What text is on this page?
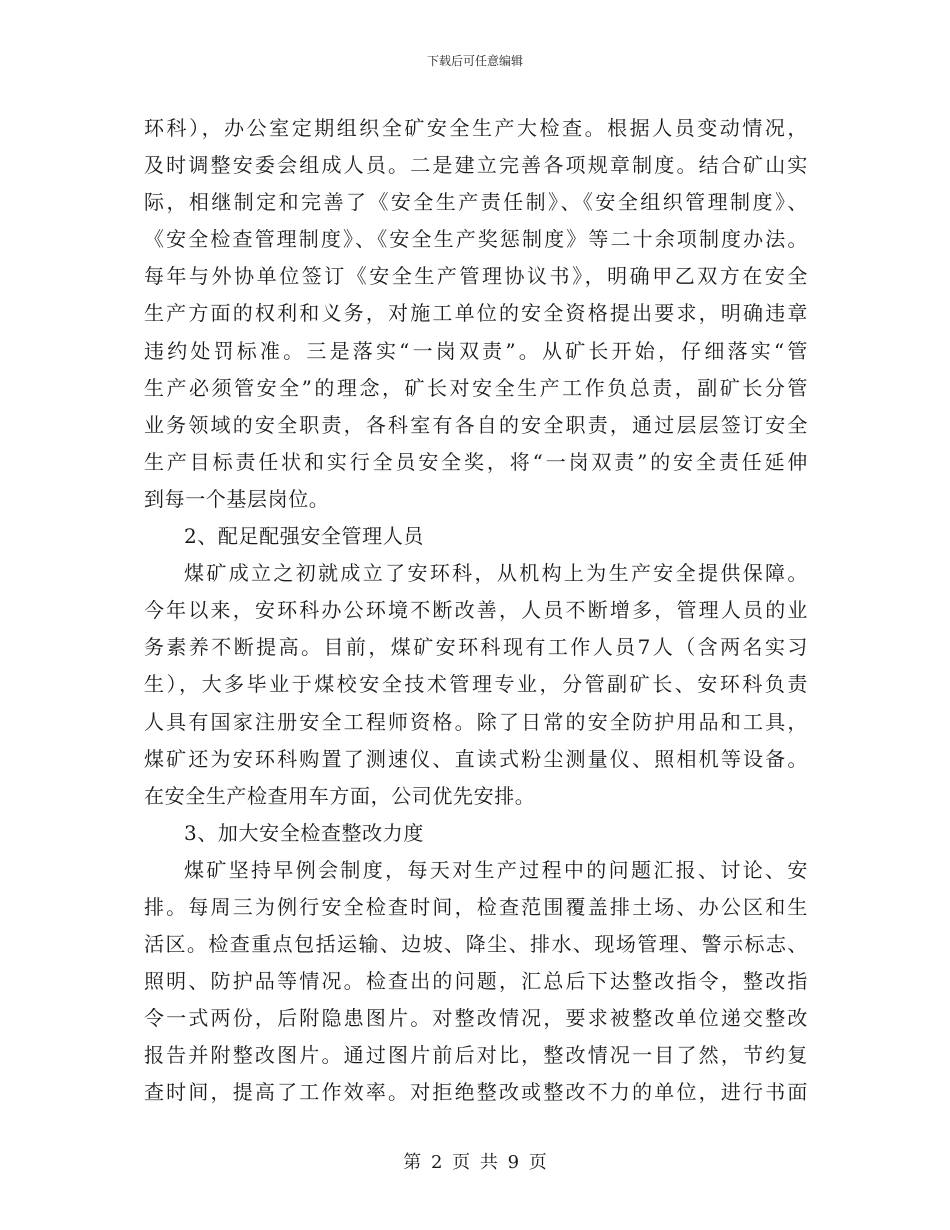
下载后可任意编辑
环科），办公室定期组织全矿安全生产大检查。根据人员变动情况，
及时调整安委会组成人员。二是建立完善各项规章制度。结合矿山实
际，相继制定和完善了《安全生产责任制》、《安全组织管理制度》、
《安全检查管理制度》、《安全生产奖惩制度》等二十余项制度办法。
每年与外协单位签订《安全生产管理协议书》，明确甲乙双方在安全
生产方面的权利和义务，对施工单位的安全资格提出要求，明确违章
违约处罚标准。三是落实“一岗双责”。从矿长开始，仔细落实“管
生产必须管安全”的理念，矿长对安全生产工作负总责，副矿长分管
业务领域的安全职责，各科室有各自的安全职责，通过层层签订安全
生产目标责任状和实行全员安全奖，将“一岗双责”的安全责任延伸
到每一个基层岗位。
2、配足配强安全管理人员
煤矿成立之初就成立了安环科，从机构上为生产安全提供保障。
今年以来，安环科办公环境不断改善，人员不断增多，管理人员的业
务素养不断提高。目前，煤矿安环科现有工作人员7人（含两名实习
生），大多毕业于煤校安全技术管理专业，分管副矿长、安环科负责
人具有国家注册安全工程师资格。除了日常的安全防护用品和工具，
煤矿还为安环科购置了测速仪、直读式粉尘测量仪、照相机等设备。
在安全生产检查用车方面，公司优先安排。
3、加大安全检查整改力度
煤矿坚持早例会制度，每天对生产过程中的问题汇报、讨论、安
排。每周三为例行安全检查时间，检查范围覆盖排土场、办公区和生
活区。检查重点包括运输、边坡、降尘、排水、现场管理、警示标志、
照明、防护品等情况。检查出的问题，汇总后下达整改指令，整改指
令一式两份，后附隐患图片。对整改情况，要求被整改单位递交整改
报告并附整改图片。通过图片前后对比，整改情况一目了然，节约复
查时间，提高了工作效率。对拒绝整改或整改不力的单位，进行书面
第 2 页 共 9 页
